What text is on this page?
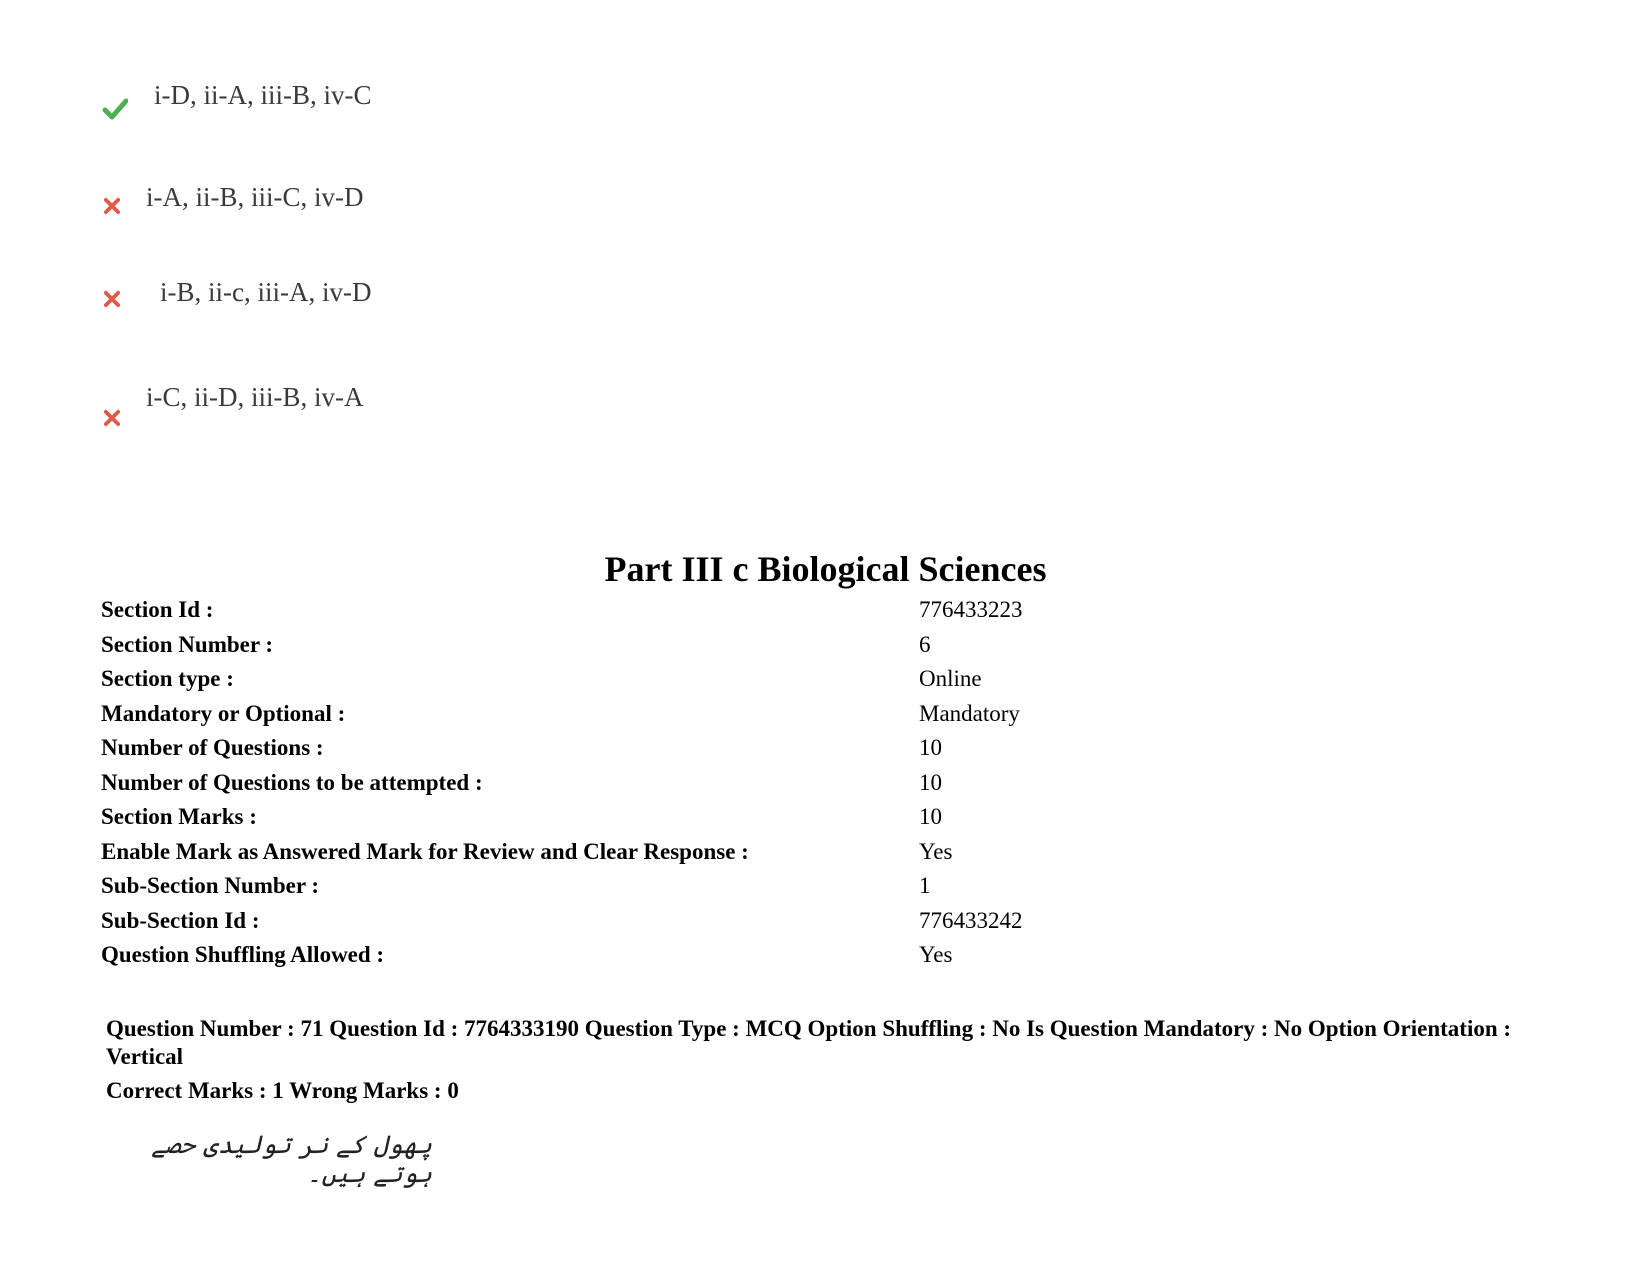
i-D, ii-A, iii-B, iv-C
i-A, ii-B, iii-C, iv-D
i-B, ii-c, iii-A, iv-D
i-C, ii-D, iii-B, iv-A
Part III c Biological Sciences
Section Id :	776433223
Section Number :	6
Section type :	Online
Mandatory or Optional :	Mandatory
Number of Questions :	10
Number of Questions to be attempted :	10
Section Marks :	10
Enable Mark as Answered Mark for Review and Clear Response :	Yes
Sub-Section Number :	1
Sub-Section Id :	776433242
Question Shuffling Allowed :	Yes
Question Number : 71 Question Id : 7764333190 Question Type : MCQ Option Shuffling : No Is Question Mandatory : No Option Orientation : Vertical
Correct Marks : 1 Wrong Marks : 0
پھول کے نر تولیدی حصے ہوتے ہیں۔
